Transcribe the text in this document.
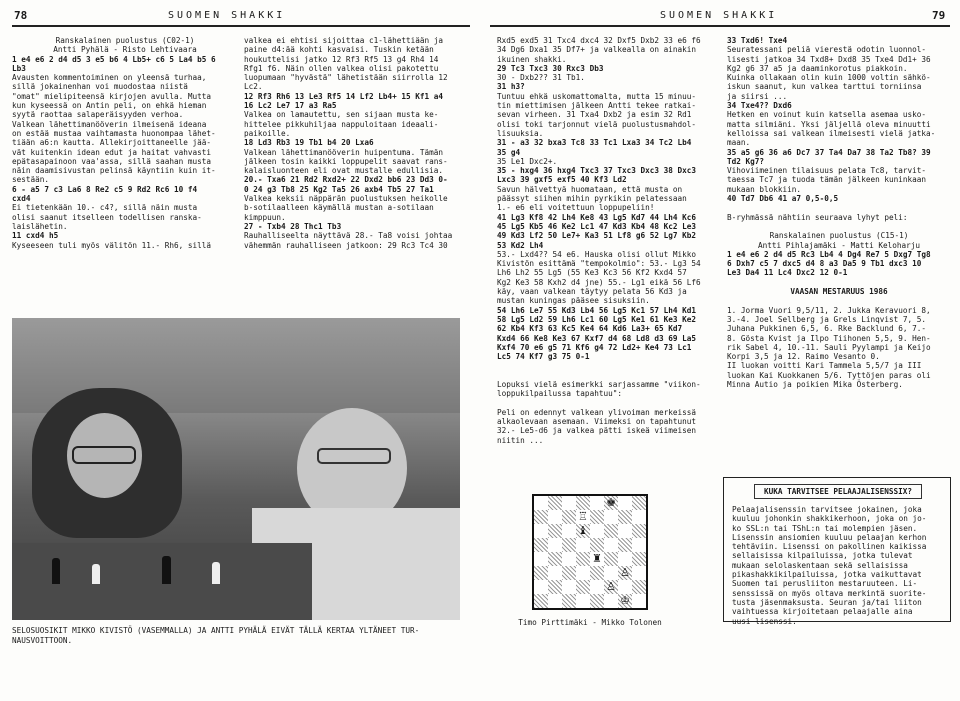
78	SUOMEN SHAKKI	SUOMEN SHAKKI	79

Ranskalainen puolustus (C02-1)

Antti Pyhälä - Risto Lehtivaara

1 e4 e6 2 d4 d5 3 e5 b6 4 Lb5+ c6 5 La4 b5 6

Lb3

Avausten kommentoiminen on yleensä turhaa,

sillä jokainenhan voi muodostaa niistä

"omat" mielipiteensä kirjojen avulla. Mutta

kun kyseessä on Antin peli, on ehkä hieman

syytä raottaa salaperäisyyden verhoa.

Valkean lähettimanööverin ilmeisenä ideana

on estää mustaa vaihtamasta huonompaa lähet-

tiään a6:n kautta. Allekirjoittaneelle jää-

vät kuitenkin idean edut ja haitat vahvasti

epätasapainoon vaa'assa, sillä saahan musta

näin daamisivustan pelinsä käyntiin kuin it-

sestään.

6 - a5 7 c3 La6 8 Re2 c5 9 Rd2 Rc6 10 f4

cxd4

Ei tietenkään 10.- c4?, sillä näin musta

olisi saanut itselleen todellisen ranska-

laislähetin.

11 cxd4 h5

Kyseeseen tuli myös välitön 11.- Rh6, sillä

valkea ei ehtisi sijoittaa c1-lähettiään ja

paine d4:ää kohti kasvaisi. Tuskin ketään

houkuttelisi jatko 12 Rf3 Rf5 13 g4 Rh4 14

Rfg1 f6. Näin ollen valkea olisi pakotettu

luopumaan "hyvästä" lähetistään siirrolla 12

Lc2.

12 Rf3 Rh6 13 Le3 Rf5 14 Lf2 Lb4+ 15 Kf1 a4

16 Lc2 Le7 17 a3 Ra5

Valkea on lamautettu, sen sijaan musta ke-

hittelee pikkuhiljaa nappuloitaan ideaali-

paikoille.

18 Ld3 Rb3 19 Tb1 b4 20 Lxa6

Valkean lähettimanööverin huipentuma. Tämän

jälkeen tosin kaikki loppupelit saavat rans-

kalaisluonteen eli ovat mustalle edullisia.

20.- Txa6 21 Rd2 Rxd2+ 22 Dxd2 bb6 23 Dd3 0-

0 24 g3 Tb8 25 Kg2 Ta5 26 axb4 Tb5 27 Ta1

Valkea keksii näppärän puolustuksen heikolle

b-sotilaalleen käymällä mustan a-sotilaan

kimppuun.

27 - Txb4 28 Thc1 Tb3

Rauhalliseelta näyttävä 28.- Ta8 voisi johtaa

vähemmän rauhalliseen jatkoon: 29 Rc3 Tc4 30

Rxd5 exd5 31 Txc4 dxc4 32 Dxf5 Dxb2 33 e6 f6

34 Dg6 Dxa1 35 Df7+ ja valkealla on ainakin

ikuinen shakki.

29 Tc3 Txc3 30 Rxc3 Db3

30 - Dxb2?? 31 Tb1.

31 h3?

Tuntuu ehkä uskomattomalta, mutta 15 minuu-

tin miettimisen jälkeen Antti tekee ratkai-

sevan virheen. 31 Txa4 Dxb2 ja esim 32 Rd1

olisi toki tarjonnut vielä puolustusmahdol-

lisuuksia.

31 - a3 32 bxa3 Tc8 33 Tc1 Lxa3 34 Tc2 Lb4

35 g4

35 Le1 Dxc2+.

35 - hxg4 36 hxg4 Txc3 37 Txc3 Dxc3 38 Dxc3

Lxc3 39 gxf5 exf5 40 Kf3 Ld2

Savun hälvettyä huomataan, että musta on

päässyt siihen mihin pyrkikin pelatessaan

1.- e6 eli voitettuun loppupeliin!

41 Lg3 Kf8 42 Lh4 Ke8 43 Lg5 Kd7 44 Lh4 Kc6

45 Lg5 Kb5 46 Ke2 Lc1 47 Kd3 Kb4 48 Kc2 Le3

49 Kd3 Lf2 50 Le7+ Ka3 51 Lf8 g6 52 Lg7 Kb2

53 Kd2 Lh4

53.- Lxd4?? 54 e6. Hauska olisi ollut Mikko

Kivistön esittämä "tempokolmio": 53.- Lg3 54

Lh6 Lh2 55 Lg5 (55 Ke3 Kc3 56 Kf2 Kxd4 57

Kg2 Ke3 58 Kxh2 d4 jne) 55.- Lg1 eikä 56 Lf6

käy, vaan valkean täytyy pelata 56 Kd3 ja

mustan kuningas pääsee sisuksiin.

54 Lh6 Le7 55 Kd3 Lb4 56 Lg5 Kc1 57 Lh4 Kd1

58 Lg5 Ld2 59 Lh6 Lc1 60 Lg5 Ke1 61 Ke3 Ke2

62 Kb4 Kf3 63 Kc5 Ke4 64 Kd6 La3+ 65 Kd7

Kxd4 66 Ke8 Ke3 67 Kxf7 d4 68 Ld8 d3 69 La5

Kxf4 70 e6 g5 71 Kf6 g4 72 Ld2+ Ke4 73 Lc1

Lc5 74 Kf7 g3 75 0-1

Lopuksi vielä esimerkki sarjassamme "viikon-

loppukilpailussa tapahtuu":

Peli on edennyt valkean ylivoiman merkeissä

alkaolevaan asemaan. Viimeksi on tapahtunut

32.- Le5-d6 ja valkea pätti iskeä viimeisen

niitin ...

33 Txd6! Txe4

Seuratessani peliä vierestä odotin luonnol-

lisesti jatkoa 34 Txd8+ Dxd8 35 Txe4 Dd1+ 36

Kg2 g6 37 a5 ja daaminkorotus piakkoin.

Kuinka ollakaan olin kuin 1000 voltin sähkö-

iskun saanut, kun valkea tarttui torniinsa

ja siirsi ...

34 Txe4?? Dxd6

Hetken en voinut kuin katsella asemaa usko-

matta silmiäni. Yksi jäljellä oleva minuutti

kelloissa sai valkean ilmeisesti vielä jatka-

maan.

35 a5 g6 36 a6 Dc7 37 Ta4 Da7 38 Ta2 Tb8? 39

Td2 Kg7?

Vihoviimeinen tilaisuus pelata Tc8, tarvit-

taessa Tc7 ja tuoda tämän jälkeen kuninkaan

mukaan blokkiin.

40 Td7 Db6 41 a7 0,5-0,5

B-ryhmässä nähtiin seuraava lyhyt peli:

Ranskalainen puolustus (C15-1)

Antti Pihlajamäki - Matti Keloharju

1 e4 e6 2 d4 d5 Rc3 Lb4 4 Dg4 Re7 5 Dxg7 Tg8

6 Dxh7 c5 7 dxc5 d4 8 a3 Da5 9 Tb1 dxc3 10

Le3 Da4 11 Lc4 Dxc2 12 0-1

VAASAN MESTARUUS 1986

1. Jorma Vuori 9,5/11, 2. Jukka Keravuori 8,

3.-4. Joel Sellberg ja Grels Linqvist 7, 5.

Juhana Pukkinen 6,5, 6. Rke Backlund 6, 7.-

8. Gösta Kvist ja Ilpo Tiihonen 5,5, 9. Hen-

rik Sabel 4, 10.-11. Sauli Pyylampi ja Keijo

Korpi 3,5 ja 12. Raimo Vesanto 0.

II luokan voitti Kari Tammela 5,5/7 ja III

luokan Kai Kuokkanen 5/6. Tyttöjen paras oli

Minna Autio ja poikien Mika Österberg.

SELOSUOSIKIT MIKKO KIVISTÖ (VASEMMALLA) JA ANTTI PYHÄLÄ EIVÄT TÄLLÄ KERTAA YLTÄNEET TUR-
NAUSVOITTOON.
♚
♖
♝
♜
♙
♙
♔
Timo Pirttimäki - Mikko Tolonen
KUKA TARVITSEE PELAAJALISENSSIX?

Pelaajalisenssin tarvitsee jokainen, joka

kuuluu johonkin shakkikerhoon, joka on jo-

ko SSL:n tai TShL:n tai molempien jäsen.

Lisenssin ansiomien kuuluu pelaajan kerhon

tehtäviin. Lisenssi on pakollinen kaikissa

sellaisissa kilpailuissa, jotka tulevat

mukaan selolaskentaan sekä sellaisissa

pikashakkikilpailuissa, jotka vaikuttavat

Suomen tai perusliiton mestaruuteen. Li-

senssissä on myös oltava merkintä suorite-

tusta jäsenmaksusta. Seuran ja/tai liiton

vaihtuessa kirjoitetaan pelaajalle aina

uusi lisenssi.
